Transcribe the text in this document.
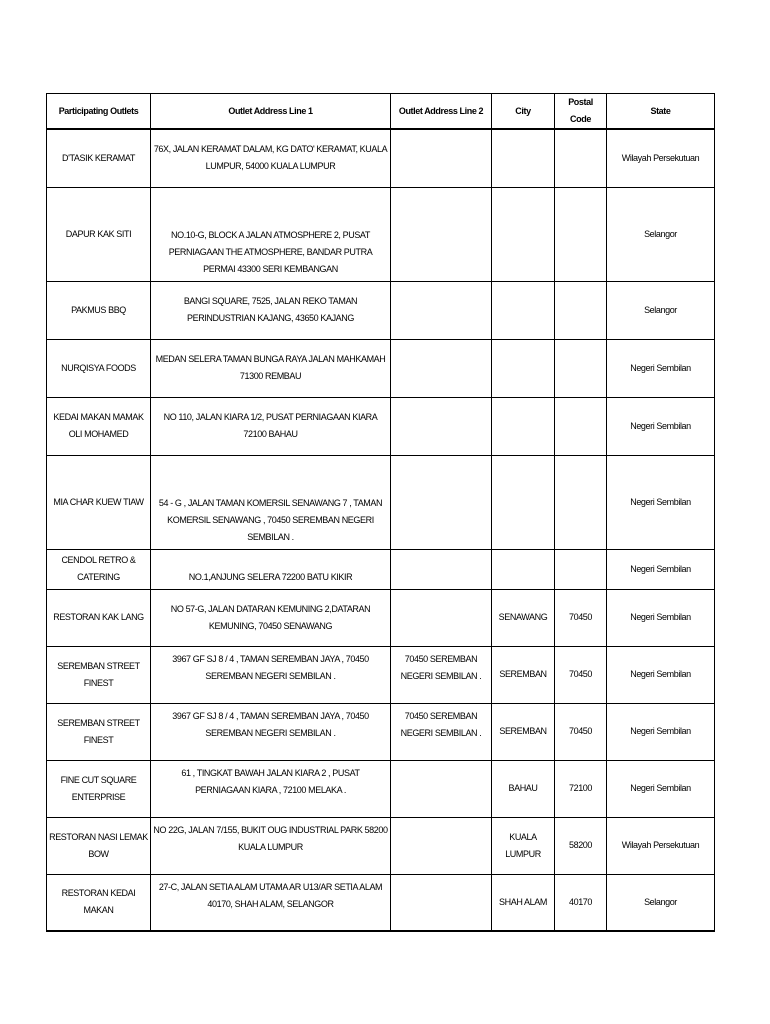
Participating Outlets	Outlet Address Line 1	Outlet Address Line 2	City	Postal Code	State
D'TASIK KERAMAT	76X, JALAN KERAMAT DALAM, KG DATO' KERAMAT, KUALA LUMPUR, 54000 KUALA LUMPUR				Wilayah Persekutuan
DAPUR KAK SITI	NO.10-G, BLOCK A JALAN ATMOSPHERE 2, PUSAT PERNIAGAAN THE ATMOSPHERE, BANDAR PUTRA PERMAI 43300 SERI KEMBANGAN				Selangor
PAKMUS BBQ	BANGI SQUARE, 7525, JALAN REKO TAMAN PERINDUSTRIAN KAJANG, 43650 KAJANG				Selangor
NURQISYA FOODS	MEDAN SELERA TAMAN BUNGA RAYA JALAN MAHKAMAH 71300 REMBAU				Negeri Sembilan
KEDAI MAKAN MAMAK OLI MOHAMED	NO 110, JALAN KIARA 1/2, PUSAT PERNIAGAAN KIARA 72100 BAHAU				Negeri Sembilan
MIA CHAR KUEW TIAW	54 - G , JALAN TAMAN KOMERSIL SENAWANG 7 , TAMAN KOMERSIL SENAWANG , 70450 SEREMBAN NEGERI SEMBILAN .				Negeri Sembilan
CENDOL RETRO & CATERING	NO.1,ANJUNG SELERA 72200 BATU KIKIR				Negeri Sembilan
RESTORAN KAK LANG	NO 57-G, JALAN DATARAN KEMUNING 2,DATARAN KEMUNING, 70450 SENAWANG		SENAWANG	70450	Negeri Sembilan
SEREMBAN STREET FINEST	3967 GF SJ 8 / 4 , TAMAN SEREMBAN JAYA , 70450 SEREMBAN NEGERI SEMBILAN .	70450 SEREMBAN NEGERI SEMBILAN .	SEREMBAN	70450	Negeri Sembilan
SEREMBAN STREET FINEST	3967 GF SJ 8 / 4 , TAMAN SEREMBAN JAYA , 70450 SEREMBAN NEGERI SEMBILAN .	70450 SEREMBAN NEGERI SEMBILAN .	SEREMBAN	70450	Negeri Sembilan
FINE CUT SQUARE ENTERPRISE	61 , TINGKAT BAWAH JALAN KIARA 2 , PUSAT PERNIAGAAN KIARA , 72100 MELAKA .		BAHAU	72100	Negeri Sembilan
RESTORAN NASI LEMAK BOW	NO 22G, JALAN 7/155, BUKIT OUG INDUSTRIAL PARK 58200 KUALA LUMPUR		KUALA LUMPUR	58200	Wilayah Persekutuan
RESTORAN KEDAI MAKAN	27-C, JALAN SETIA ALAM UTAMA AR U13/AR SETIA ALAM 40170, SHAH ALAM, SELANGOR		SHAH ALAM	40170	Selangor
